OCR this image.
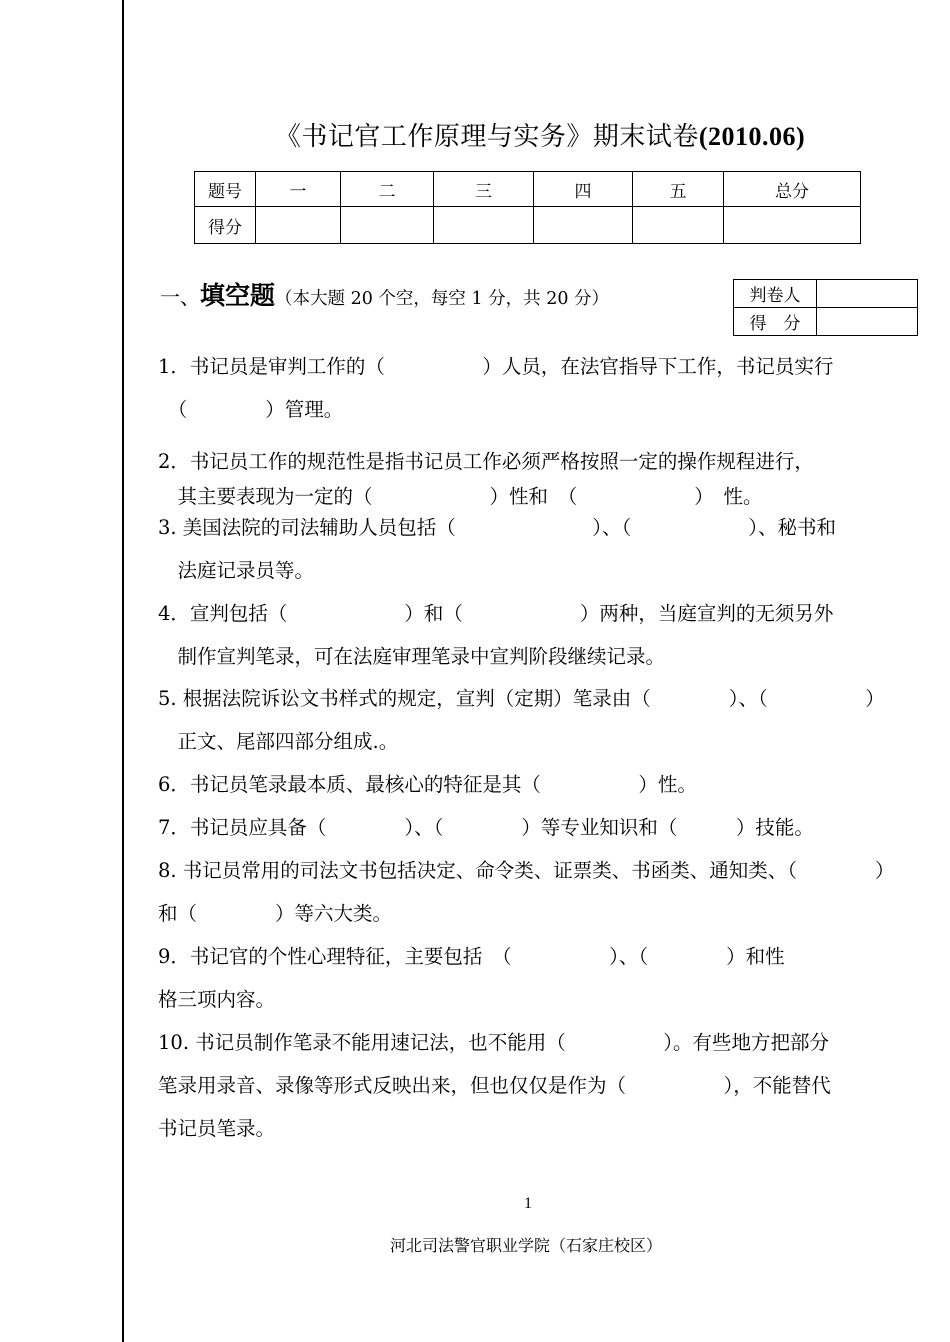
《书记官工作原理与实务》期末试卷(2010.06)
题号	一	二	三	四	五	总分
得分						
一、填空题（本大题 20 个空，每空 1 分，共 20 分）	判卷人	
得　分	
1．书记员是审判工作的（　　　　　）人员，在法官指导下工作，书记员实行
　（　　　　）管理。
2．书记员工作的规范性是指书记员工作必须严格按照一定的操作规程进行，
　其主要表现为一定的（　　　　　　）性和　（　　　　　　）　性。
3. 美国法院的司法辅助人员包括（　　　　　　　）、（　　　　　　）、秘书和
　法庭记录员等。
4．宣判包括（　　　　　　）和（　　　　　　）两种，当庭宣判的无须另外
　制作宣判笔录，可在法庭审理笔录中宣判阶段继续记录。
5. 根据法院诉讼文书样式的规定，宣判（定期）笔录由（　　　　）、（　　　　　）
　正文、尾部四部分组成.。
6．书记员笔录最本质、最核心的特征是其（　　　　　）性。
7．书记员应具备（　　　　）、（　　　　）等专业知识和（　　　）技能。
8. 书记员常用的司法文书包括决定、命令类、证票类、书函类、通知类、（　　　　）
和（　　　　）等六大类。
9．书记官的个性心理特征，主要包括　（　　　　　）、（　　　　）和性
格三项内容。
10. 书记员制作笔录不能用速记法，也不能用（　　　　　）。有些地方把部分
笔录用录音、录像等形式反映出来，但也仅仅是作为（　　　　　），不能替代
书记员笔录。
1
河北司法警官职业学院（石家庄校区）
